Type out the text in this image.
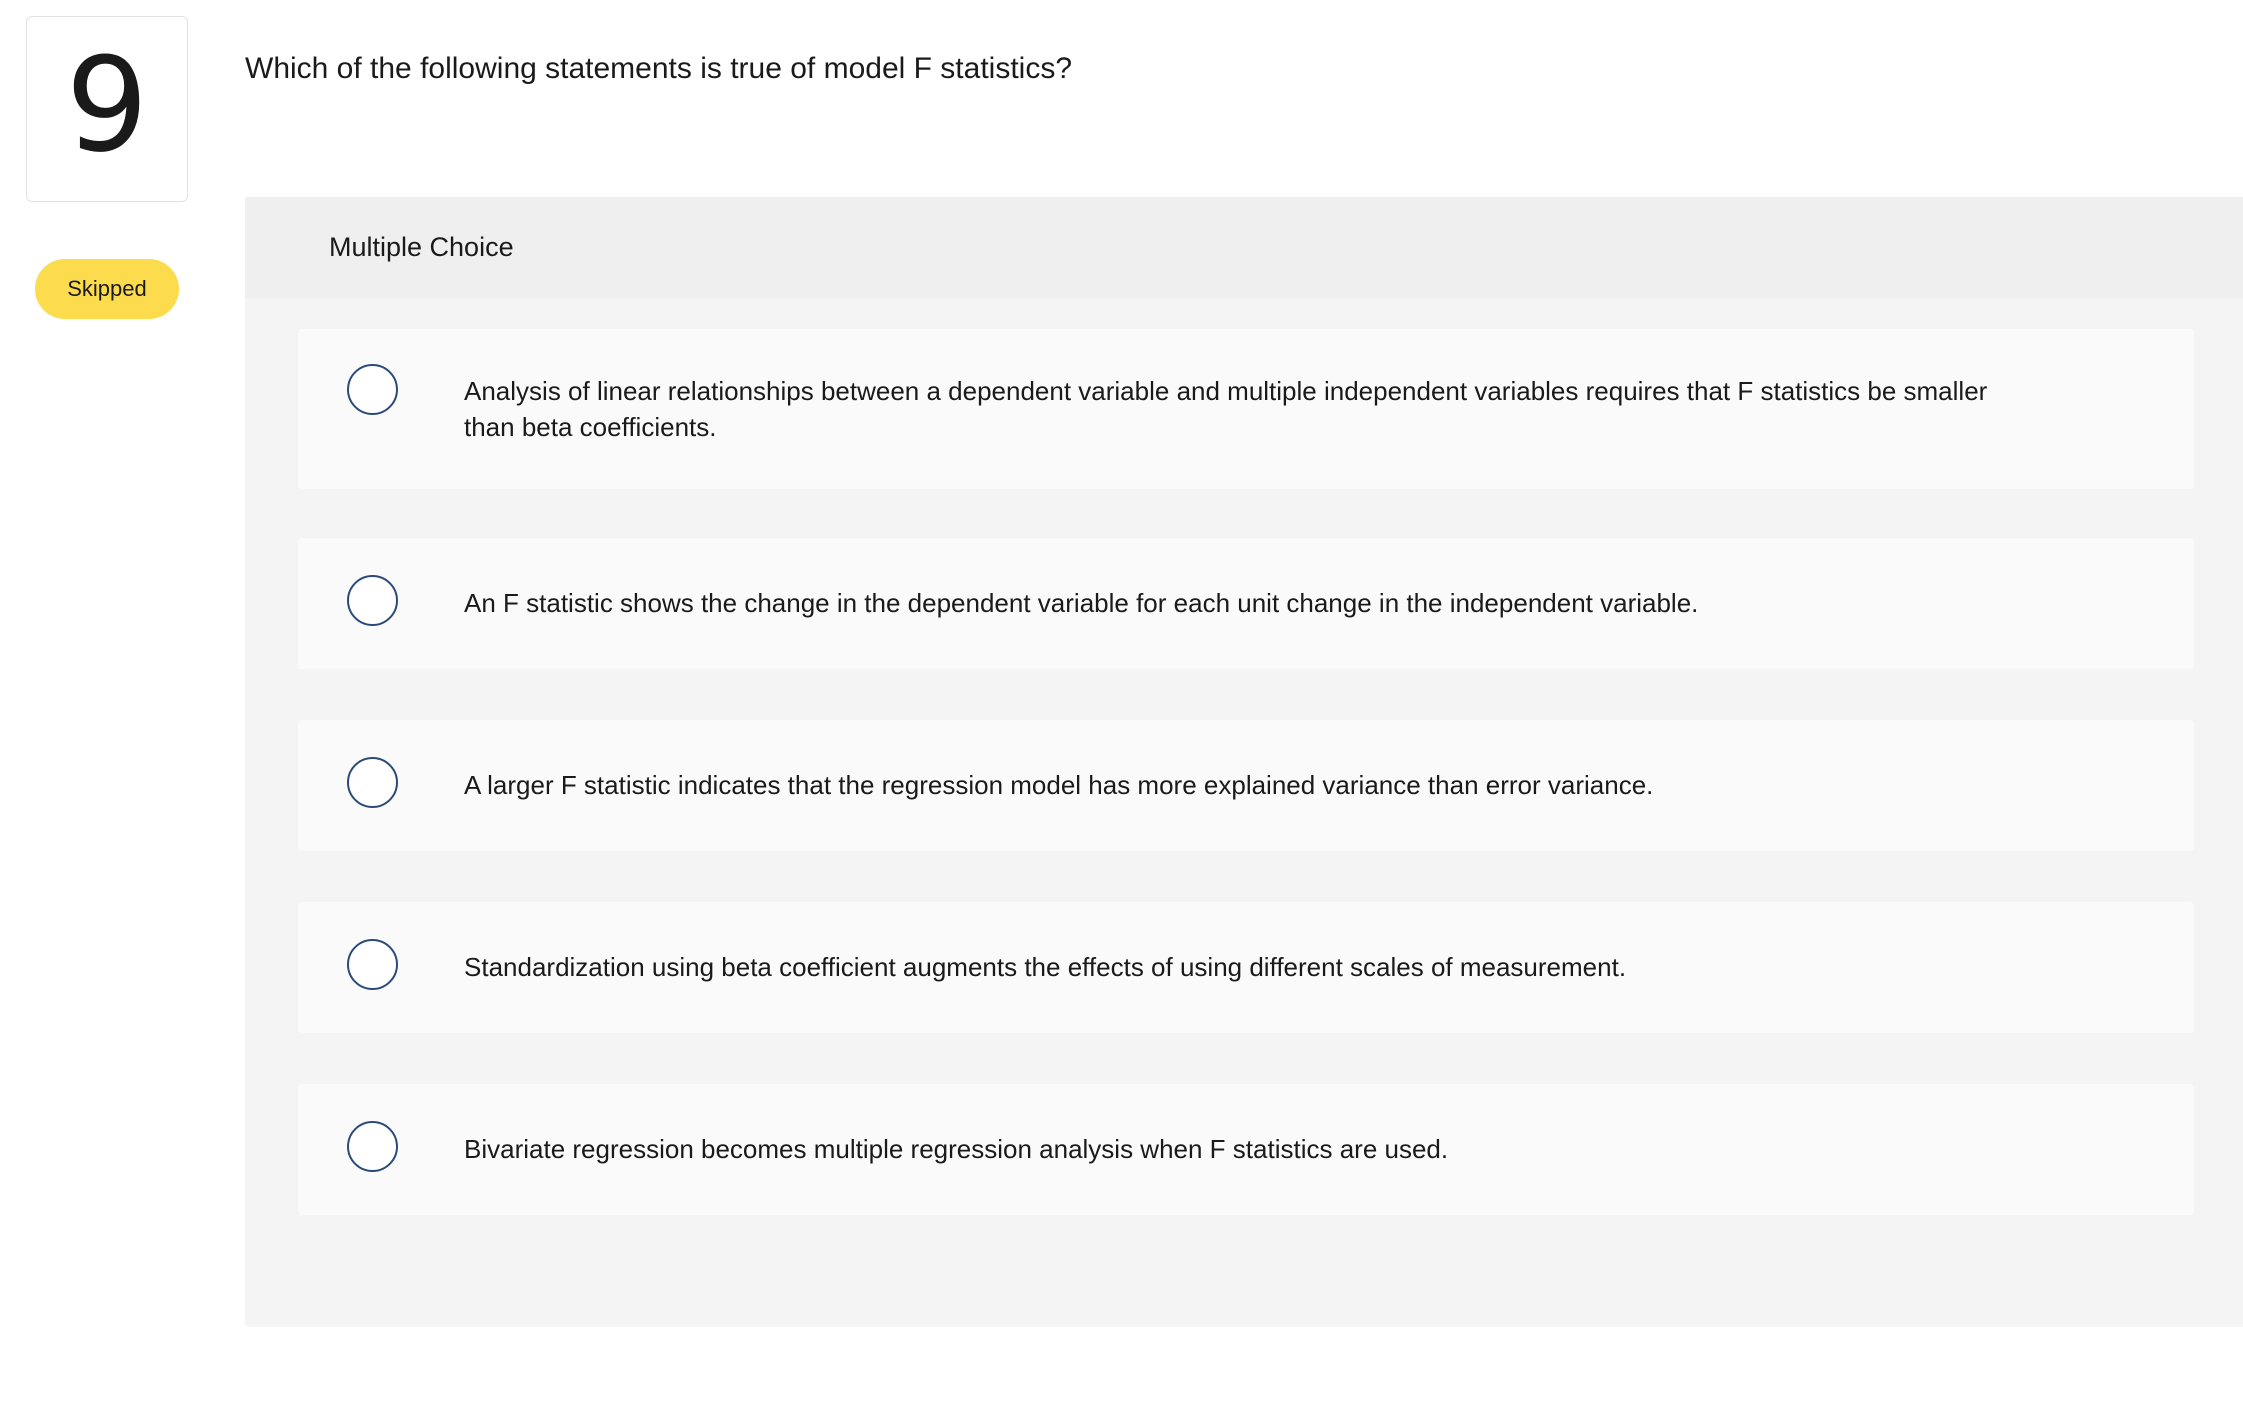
9
Skipped
Which of the following statements is true of model F statistics?
Multiple Choice
Analysis of linear relationships between a dependent variable and multiple independent variables requires that F statistics be smaller than beta coefficients.
An F statistic shows the change in the dependent variable for each unit change in the independent variable.
A larger F statistic indicates that the regression model has more explained variance than error variance.
Standardization using beta coefficient augments the effects of using different scales of measurement.
Bivariate regression becomes multiple regression analysis when F statistics are used.
